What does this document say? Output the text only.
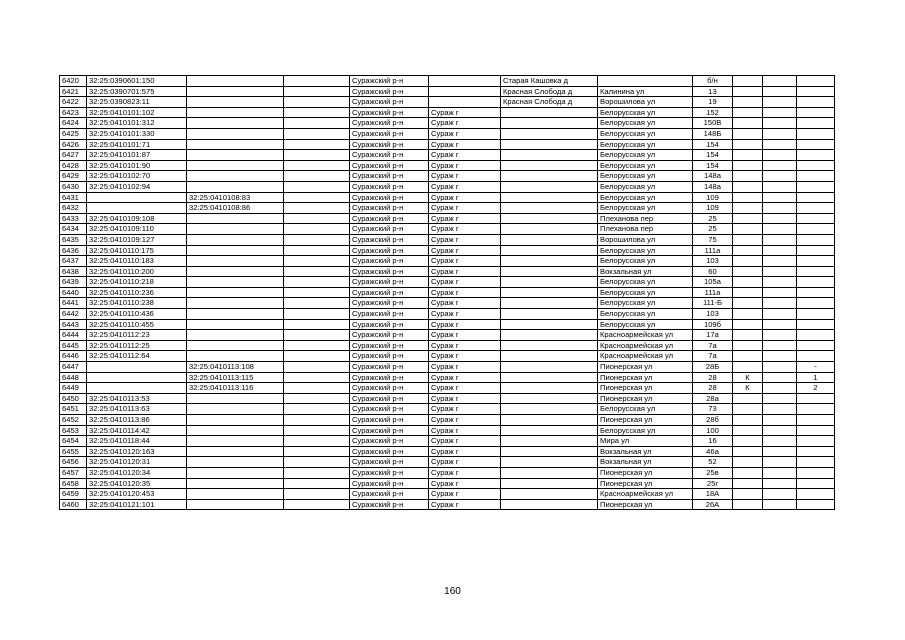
6420	32:25:0390601:150			Суражский р-н		Старая Кашовка д		б/н			
6421	32:25:0390701:575			Суражский р-н		Красная Слобода д	Калинина ул	13			
6422	32:25:0390823:11			Суражский р-н		Красная Слобода д	Ворошилова ул	19			
6423	32:25:0410101:102			Суражский р-н	Сураж г		Белорусская ул	152			
6424	32:25:0410101:312			Суражский р-н	Сураж г		Белорусская ул	150В			
6425	32:25:0410101:330			Суражский р-н	Сураж г		Белорусская ул	148Б			
6426	32:25:0410101:71			Суражский р-н	Сураж г		Белорусская ул	154			
6427	32:25:0410101:87			Суражский р-н	Сураж г		Белорусская ул	154			
6428	32:25:0410101:90			Суражский р-н	Сураж г		Белорусская ул	154			
6429	32:25:0410102:70			Суражский р-н	Сураж г		Белорусская ул	148а			
6430	32:25:0410102:94			Суражский р-н	Сураж г		Белорусская ул	148а			
6431		32:25:0410108:83		Суражский р-н	Сураж г		Белорусская ул	109			
6432		32:25:0410108:86		Суражский р-н	Сураж г		Белорусская ул	109			
6433	32:25:0410109:108			Суражский р-н	Сураж г		Плеханова пер	25			
6434	32:25:0410109:110			Суражский р-н	Сураж г		Плеханова пер	25			
6435	32:25:0410109:127			Суражский р-н	Сураж г		Ворошилова ул	75			
6436	32:25:0410110:175			Суражский р-н	Сураж г		Белорусская ул	111а			
6437	32:25:0410110:183			Суражский р-н	Сураж г		Белорусская ул	103			
6438	32:25:0410110:200			Суражский р-н	Сураж г		Вокзальная ул	60			
6439	32:25:0410110:218			Суражский р-н	Сураж г		Белорусская ул	105а			
6440	32:25:0410110:236			Суражский р-н	Сураж г		Белорусская ул	111а			
6441	32:25:0410110:238			Суражский р-н	Сураж г		Белорусская ул	111-Б			
6442	32:25:0410110:436			Суражский р-н	Сураж г		Белорусская ул	103			
6443	32:25:0410110:455			Суражский р-н	Сураж г		Белорусская ул	109б			
6444	32:25:0410112:23			Суражский р-н	Сураж г		Красноармейская ул	17а			
6445	32:25:0410112:25			Суражский р-н	Сураж г		Красноармейская ул	7а			
6446	32:25:0410112:64			Суражский р-н	Сураж г		Красноармейская ул	7а			
6447		32:25:0410113:108		Суражский р-н	Сураж г		Пионерская ул	28Б			-
6448		32:25:0410113:115		Суражский р-н	Сураж г		Пионерская ул	28	К		1
6449		32:25:0410113:116		Суражский р-н	Сураж г		Пионерская ул	28	К		2
6450	32:25:0410113:53			Суражский р-н	Сураж г		Пионерская ул	28а			
6451	32:25:0410113:63			Суражский р-н	Сураж г		Белорусская ул	73			
6452	32:25:0410113:86			Суражский р-н	Сураж г		Пионерская ул	28б			
6453	32:25:0410114:42			Суражский р-н	Сураж г		Белорусская ул	100			
6454	32:25:0410118:44			Суражский р-н	Сураж г		Мира ул	16			
6455	32:25:0410120:163			Суражский р-н	Сураж г		Вокзальная ул	46а			
6456	32:25:0410120:31			Суражский р-н	Сураж г		Вокзальная ул	52			
6457	32:25:0410120:34			Суражский р-н	Сураж г		Пионерская ул	25в			
6458	32:25:0410120:35			Суражский р-н	Сураж г		Пионерская ул	25г			
6459	32:25:0410120:453			Суражский р-н	Сураж г		Красноармейская ул	18А			
6460	32:25:0410121:101			Суражский р-н	Сураж г		Пионерская ул	26А			
160
